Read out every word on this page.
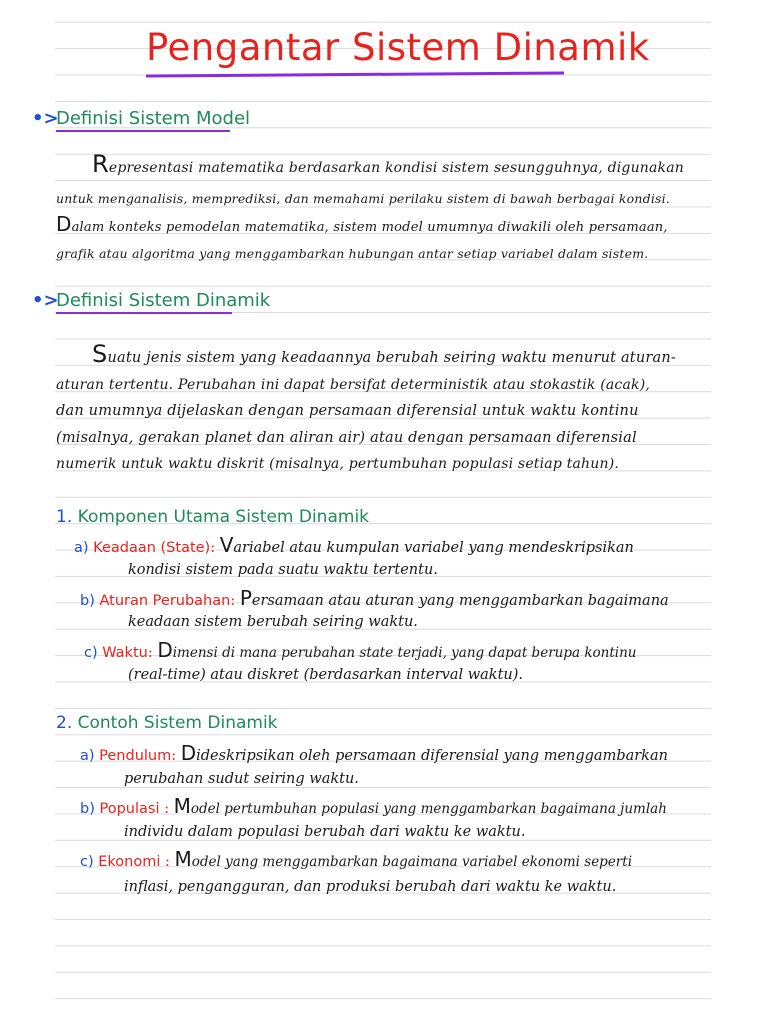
Pengantar Sistem Dinamik
•>
Definisi Sistem Model
Representasi matematika berdasarkan kondisi sistem sesungguhnya, digunakan
untuk menganalisis, memprediksi, dan memahami perilaku sistem di bawah berbagai kondisi.
Dalam konteks pemodelan matematika, sistem model umumnya diwakili oleh persamaan,
grafik atau algoritma yang menggambarkan hubungan antar setiap variabel dalam sistem.
•>
Definisi Sistem Dinamik
Suatu jenis sistem yang keadaannya berubah seiring waktu menurut aturan-
aturan tertentu. Perubahan ini dapat bersifat deterministik atau stokastik (acak),
dan umumnya dijelaskan dengan persamaan diferensial untuk waktu kontinu
(misalnya, gerakan planet dan aliran air) atau dengan persamaan diferensial
numerik untuk waktu diskrit (misalnya, pertumbuhan populasi setiap tahun).
1. Komponen Utama Sistem Dinamik
a) Keadaan (State): Variabel atau kumpulan variabel yang mendeskripsikan
kondisi sistem pada suatu waktu tertentu.
b) Aturan Perubahan: Persamaan atau aturan yang menggambarkan bagaimana
keadaan sistem berubah seiring waktu.
c) Waktu: Dimensi di mana perubahan state terjadi, yang dapat berupa kontinu
(real-time) atau diskret (berdasarkan interval waktu).
2. Contoh Sistem Dinamik
a) Pendulum: Dideskripsikan oleh persamaan diferensial yang menggambarkan
perubahan sudut seiring waktu.
b) Populasi : Model pertumbuhan populasi yang menggambarkan bagaimana jumlah
individu dalam populasi berubah dari waktu ke waktu.
c) Ekonomi : Model yang menggambarkan bagaimana variabel ekonomi seperti
inflasi, pengangguran, dan produksi berubah dari waktu ke waktu.
